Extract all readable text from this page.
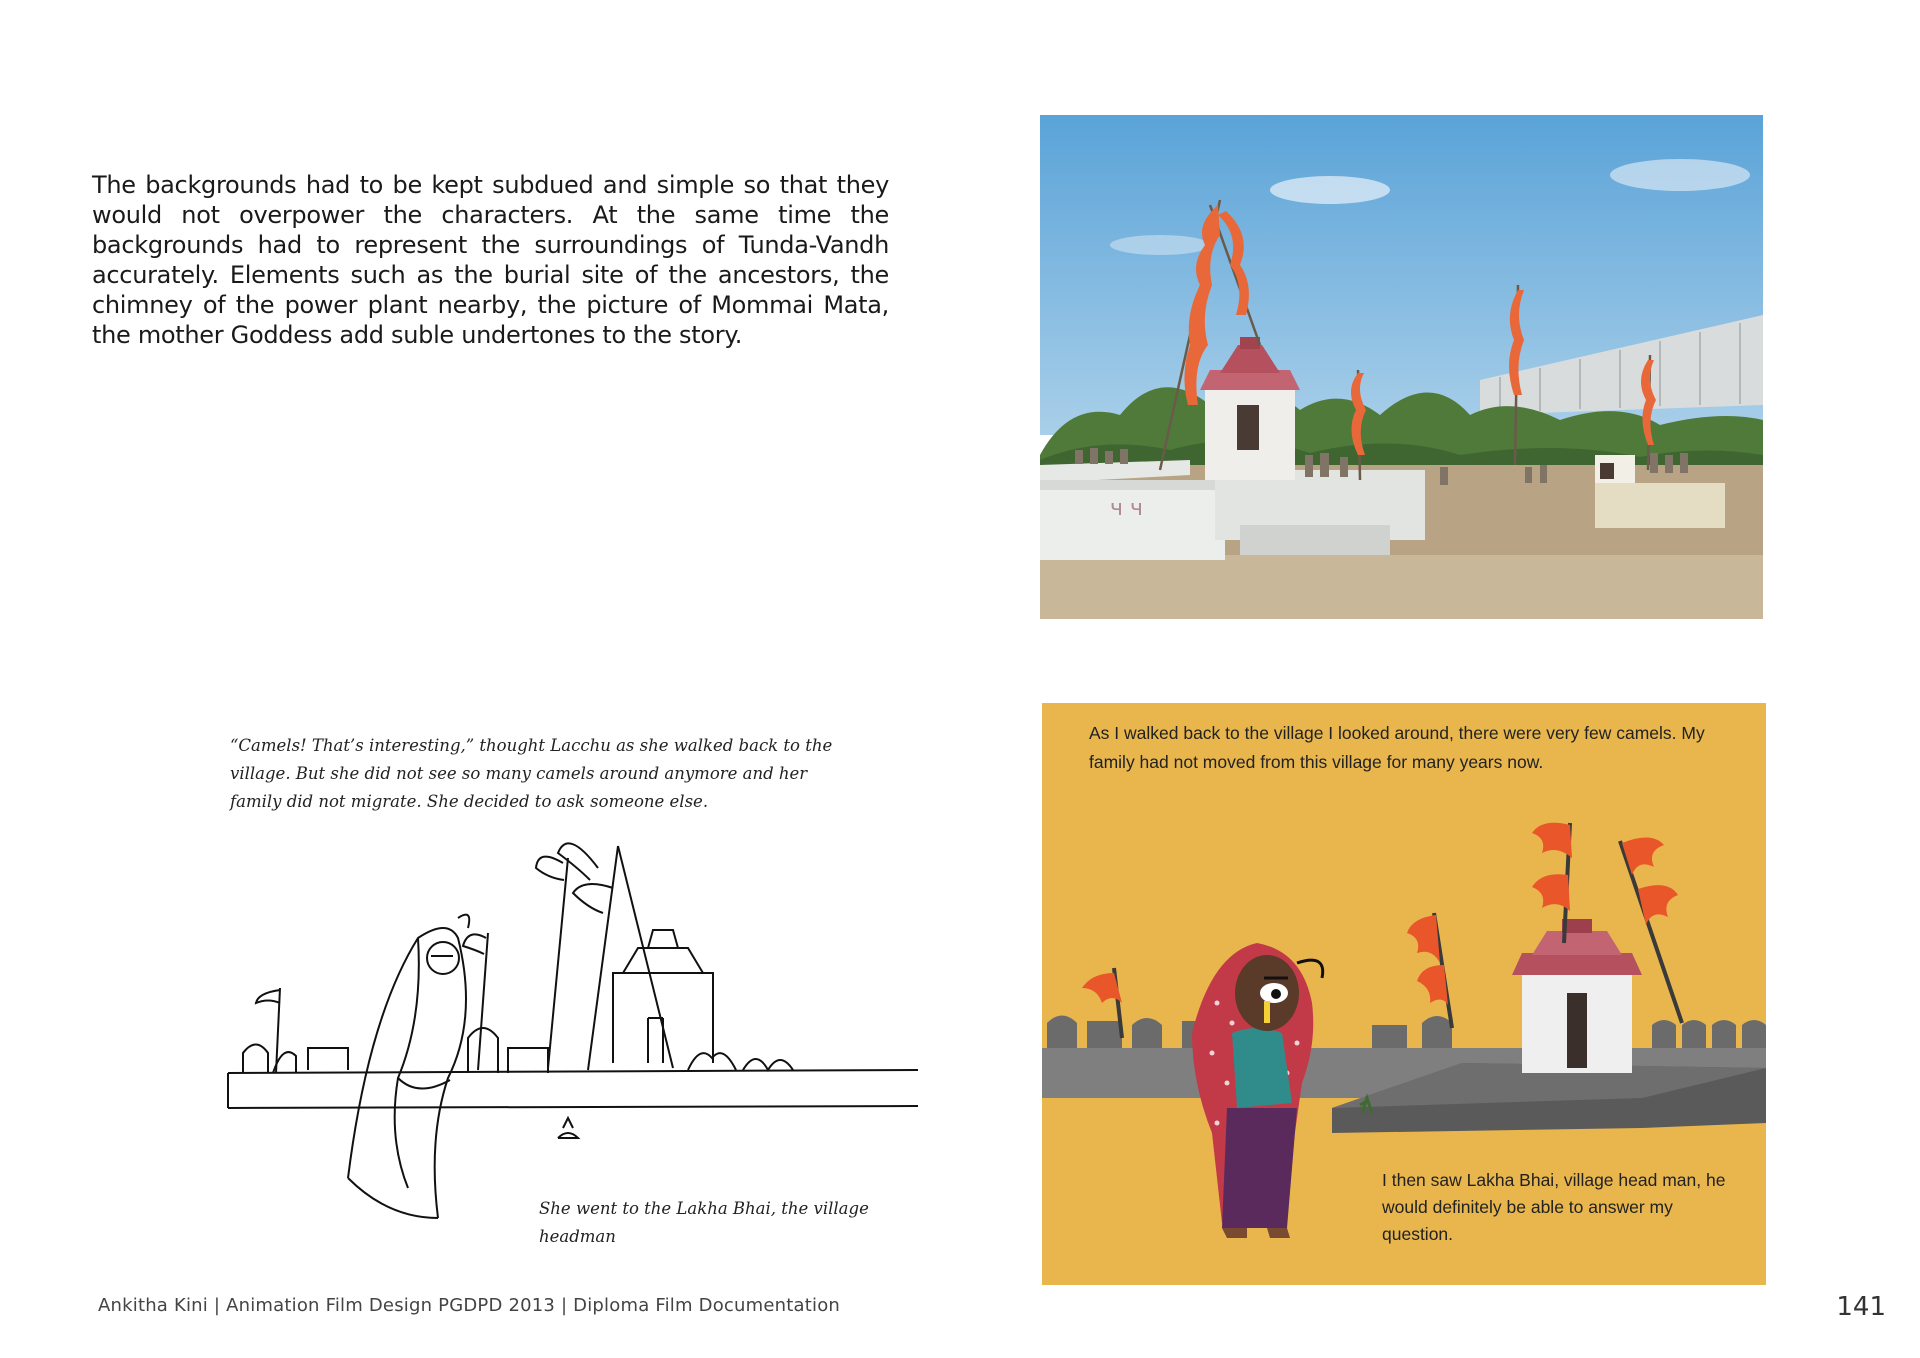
The backgrounds had to be kept subdued and simple so that they would not overpower the characters. At the same time the backgrounds had to represent the surroundings of Tunda-Vandh accurately. Elements such as the burial site of the ancestors, the chimney of the power plant nearby, the picture of Mommai Mata, the mother Goddess add suble undertones to the story.

ч ч

“Camels! That’s interesting,” thought Lacchu as she walked back to the village. But she did not see so many camels around anymore and her family did not migrate. She decided to ask someone else.

She went to the Lakha Bhai, the village headman

As I walked back to the village I looked around, there were very few camels. My family had not moved from this village for many years now.

I then saw Lakha Bhai, village head man, he would definitely be able to answer my question.

Ankitha Kini | Animation Film Design PGDPD 2013 | Diploma Film Documentation	141
